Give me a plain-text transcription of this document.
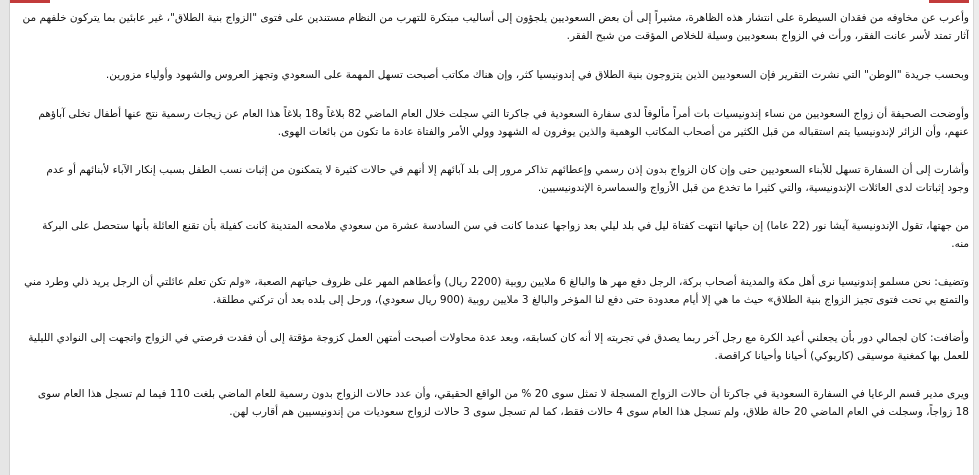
وأعرب عن مخاوفه من فقدان السيطرة على انتشار هذه الظاهرة، مشيراً إلى أن بعض السعوديين يلجؤون إلى أساليب مبتكرة للتهرب من النظام مستندين على فتوى "الزواج بنية الطلاق"، غير عابئين بما يتركون خلفهم من آثار تمتد لأسر عانت الفقر، ورأت في الزواج بسعوديين وسيلة للخلاص المؤقت من شبح الفقر.

وبحسب جريدة "الوطن" التي نشرت التقرير فإن السعوديين الذين يتزوجون بنية الطلاق في إندونيسيا كثر، وإن هناك مكاتب أصبحت تسهل المهمة على السعودي وتجهز العروس والشهود وأولياء مزورين.

وأوضحت الصحيفة أن زواج السعوديين من نساء إندونيسيات بات أمراً مألوفاً لدى سفارة السعودية في جاكرتا التي سجلت خلال العام الماضي 82 بلاغاً و18 بلاغاً هذا العام عن زيجات رسمية نتج عنها أطفال تخلى آباؤهم عنهم، وأن الزائر لإندونيسيا يتم استقباله من قبل الكثير من أصحاب المكاتب الوهمية والذين يوفرون له الشهود وولي الأمر والفتاة عادة ما تكون من بائعات الهوى.

وأشارت إلى أن السفارة تسهل للأبناء السعوديين حتى وإن كان الزواج بدون إذن رسمي وإعطائهم تذاكر مرور إلى بلد آبائهم إلا أنهم في حالات كثيرة لا يتمكنون من إثبات نسب الطفل بسبب إنكار الآباء لأبنائهم أو عدم وجود إثباتات لدى العائلات الإندونيسية، والتي كثيرا ما تخدع من قبل الأزواج والسماسرة الإندونيسيين.

من جهتها، تقول الإندونيسية آيشا نور (22 عاما) إن حياتها انتهت كفتاة ليل في بلد ليلي بعد زواجها عندما كانت في سن السادسة عشرة من سعودي ملامحه المتدينة كانت كفيلة بأن تقنع العائلة بأنها ستحصل على البركة منه.

وتضيف: نحن مسلمو إندونيسيا نرى أهل مكة والمدينة أصحاب بركة، الرجل دفع مهر ها والبالغ 6 ملايين روبية (2200 ريال) وأعطاهم المهر على ظروف حياتهم الصعبة، «ولم تكن تعلم عائلتي أن الرجل يريد ذلي وطرد مني والتمتع بي تحت فتوى تجيز الزواج بنية الطلاق» حيث ما هي إلا أيام معدودة حتى دفع لنا المؤخر والبالغ 3 ملايين روبية (900 ريال سعودي)، ورحل إلى بلده بعد أن تركني مطلقة.

وأضافت: كان لجمالي دور بأن يجعلني أعيد الكرة مع رجل آخر ربما يصدق في تجربته إلا أنه كان كسابقه، وبعد عدة محاولات أصبحت أمتهن العمل كزوجة مؤقتة إلى أن فقدت فرصتي في الزواج واتجهت إلى النوادي الليلية للعمل بها كمغنية موسيقى (كاريوكي) أحيانا وأحيانا كراقصة.

ويرى مدير قسم الرعايا في السفارة السعودية في جاكرتا أن حالات الزواج المسجلة لا تمثل سوى 20 % من الواقع الحقيقي، وأن عدد حالات الزواج بدون رسمية للعام الماضي بلغت 110 فيما لم تسجل هذا العام سوى 18 زواجاً، وسجلت في العام الماضي 20 حالة طلاق، ولم تسجل هذا العام سوى 4 حالات فقط، كما لم تسجل سوى 3 حالات لزواج سعوديات من إندونيسيين هم أقارب لهن.
